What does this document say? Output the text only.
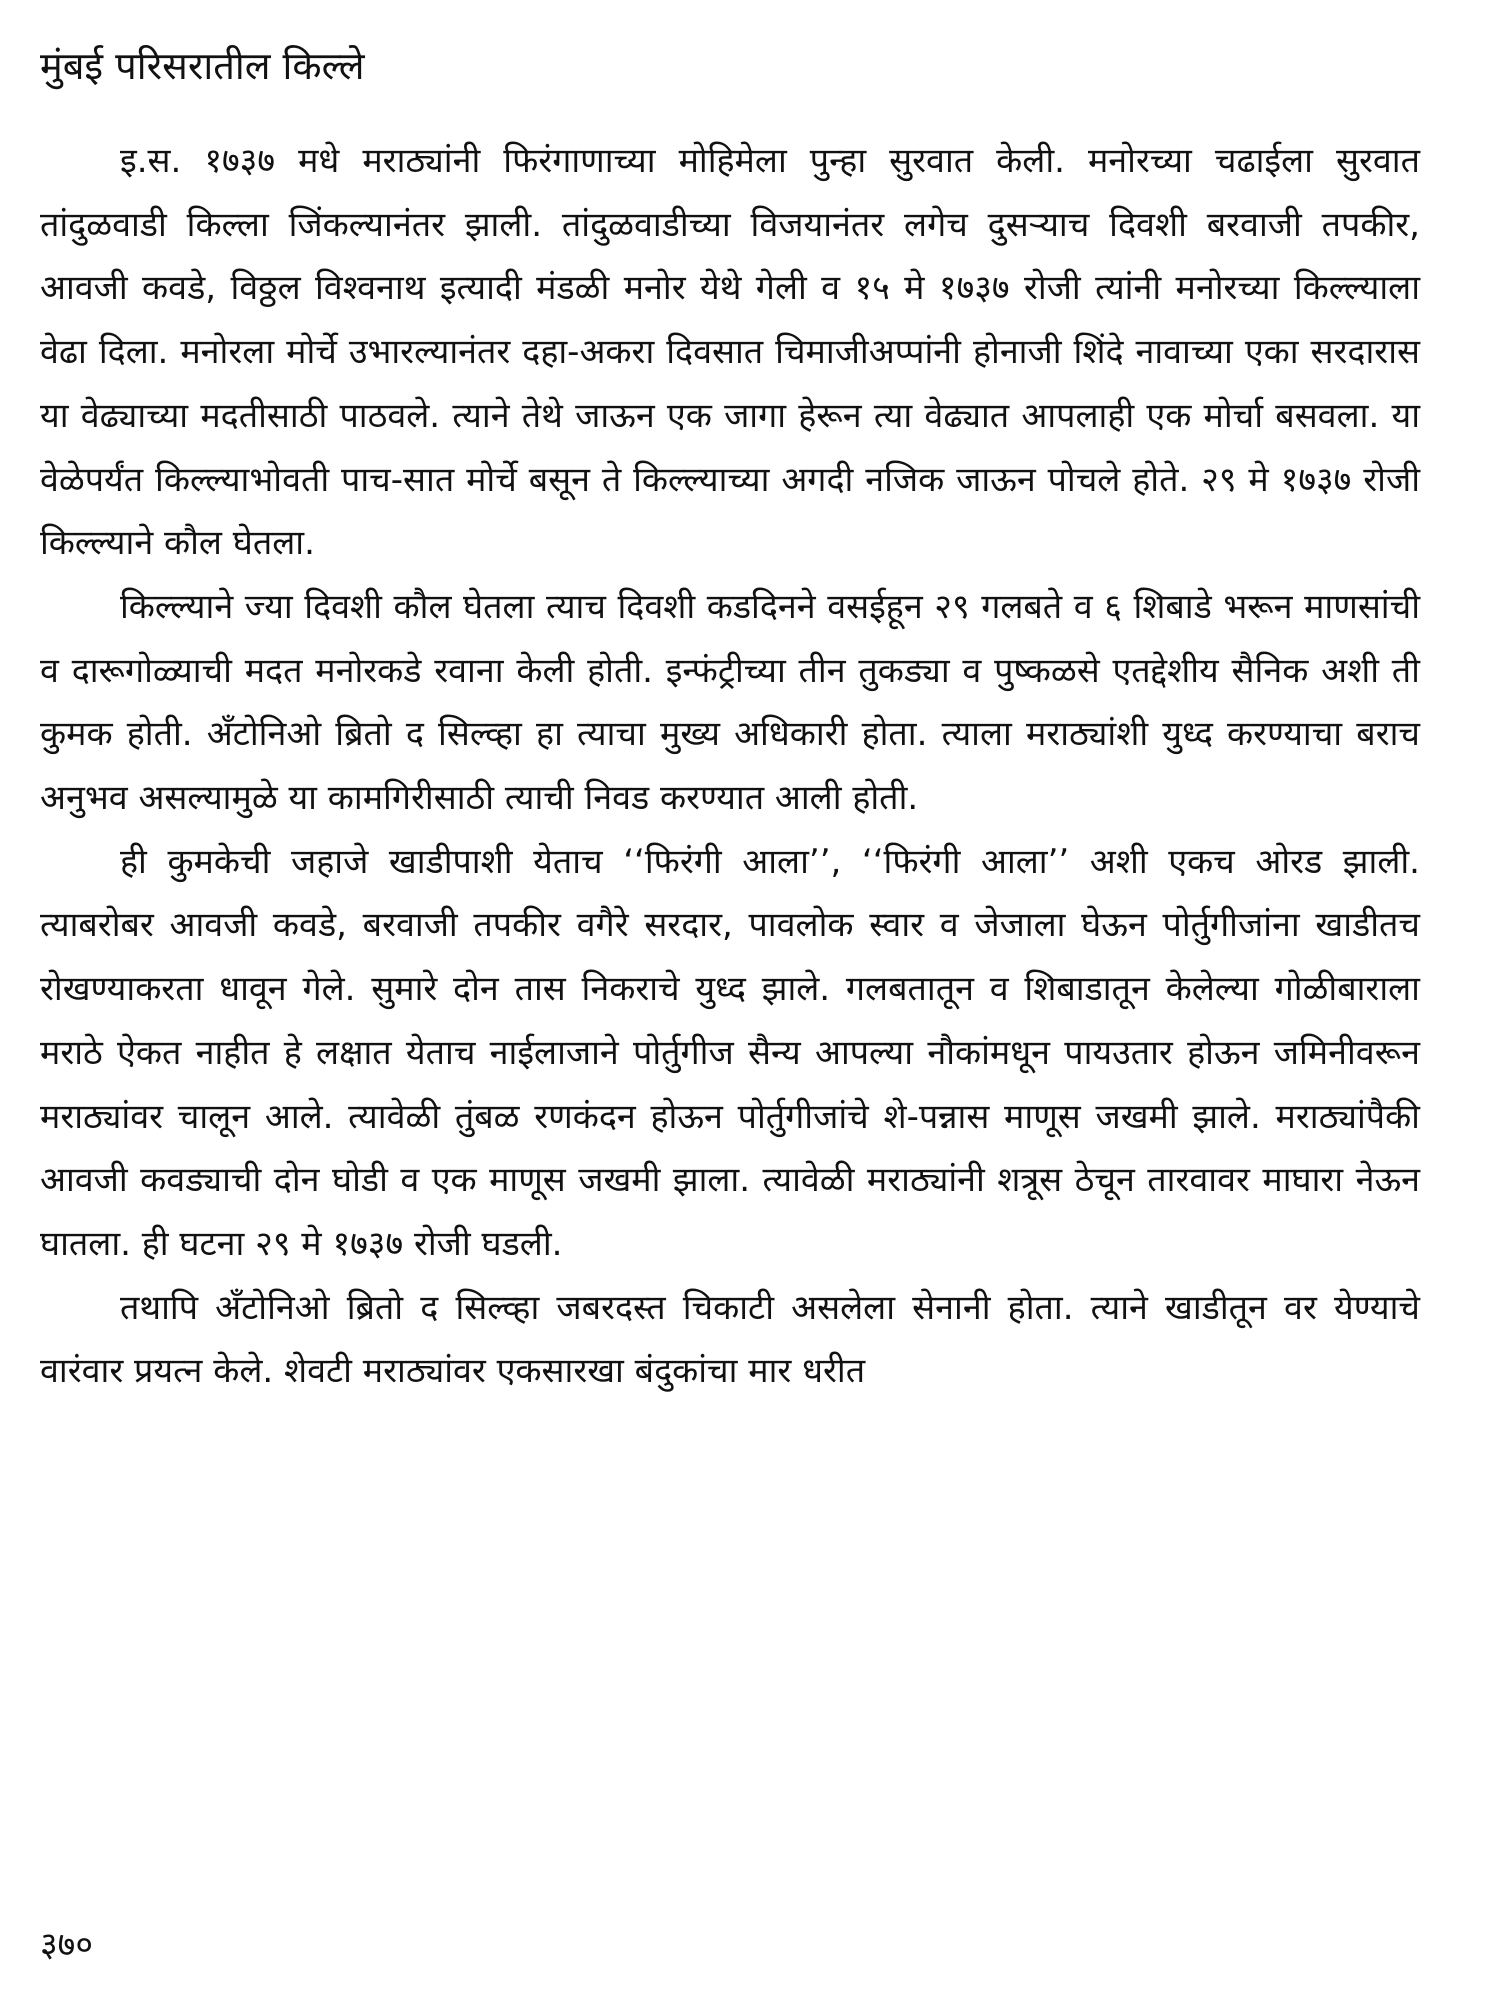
मुंबई परिसरातील किल्ले

इ.स. १७३७ मधे मराठ्यांनी फिरंगाणाच्या मोहिमेला पुन्हा सुरवात केली. मनोरच्या चढाईला सुरवात तांदुळवाडी किल्ला जिंकल्यानंतर झाली. तांदुळवाडीच्या विजयानंतर लगेच दुसऱ्याच दिवशी बरवाजी तपकीर, आवजी कवडे, विठ्ठल विश्वनाथ इत्यादी मंडळी मनोर येथे गेली व १५ मे १७३७ रोजी त्यांनी मनोरच्या किल्ल्याला वेढा दिला. मनोरला मोर्चे उभारल्यानंतर दहा-अकरा दिवसात चिमाजीअप्पांनी होनाजी शिंदे नावाच्या एका सरदारास या वेढ्याच्या मदतीसाठी पाठवले. त्याने तेथे जाऊन एक जागा हेरून त्या वेढ्यात आपलाही एक मोर्चा बसवला. या वेळेपर्यंत किल्ल्याभोवती पाच-सात मोर्चे बसून ते किल्ल्याच्या अगदी नजिक जाऊन पोचले होते. २९ मे १७३७ रोजी किल्ल्याने कौल घेतला.

किल्ल्याने ज्या दिवशी कौल घेतला त्याच दिवशी कडदिनने वसईहून २९ गलबते व ६ शिबाडे भरून माणसांची व दारूगोळ्याची मदत मनोरकडे रवाना केली होती. इन्फंट्रीच्या तीन तुकड्या व पुष्कळसे एतद्देशीय सैनिक अशी ती कुमक होती. अँटोनिओ ब्रितो द सिल्व्हा हा त्याचा मुख्य अधिकारी होता. त्याला मराठ्यांशी युध्द करण्याचा बराच अनुभव असल्यामुळे या कामगिरीसाठी त्याची निवड करण्यात आली होती.

ही कुमकेची जहाजे खाडीपाशी येताच ‘‘फिरंगी आला’’, ‘‘फिरंगी आला’’ अशी एकच ओरड झाली. त्याबरोबर आवजी कवडे, बरवाजी तपकीर वगैरे सरदार, पावलोक स्वार व जेजाला घेऊन पोर्तुगीजांना खाडीतच रोखण्याकरता धावून गेले. सुमारे दोन तास निकराचे युध्द झाले. गलबतातून व शिबाडातून केलेल्या गोळीबाराला मराठे ऐकत नाहीत हे लक्षात येताच नाईलाजाने पोर्तुगीज सैन्य आपल्या नौकांमधून पायउतार होऊन जमिनीवरून मराठ्यांवर चालून आले. त्यावेळी तुंबळ रणकंदन होऊन पोर्तुगीजांचे शे-पन्नास माणूस जखमी झाले. मराठ्यांपैकी आवजी कवड्याची दोन घोडी व एक माणूस जखमी झाला. त्यावेळी मराठ्यांनी शत्रूस ठेचून तारवावर माघारा नेऊन घातला. ही घटना २९ मे १७३७ रोजी घडली.

तथापि अँटोनिओ ब्रितो द सिल्व्हा जबरदस्त चिकाटी असलेला सेनानी होता. त्याने खाडीतून वर येण्याचे वारंवार प्रयत्न केले. शेवटी मराठ्यांवर एकसारखा बंदुकांचा मार धरीत

३७०
